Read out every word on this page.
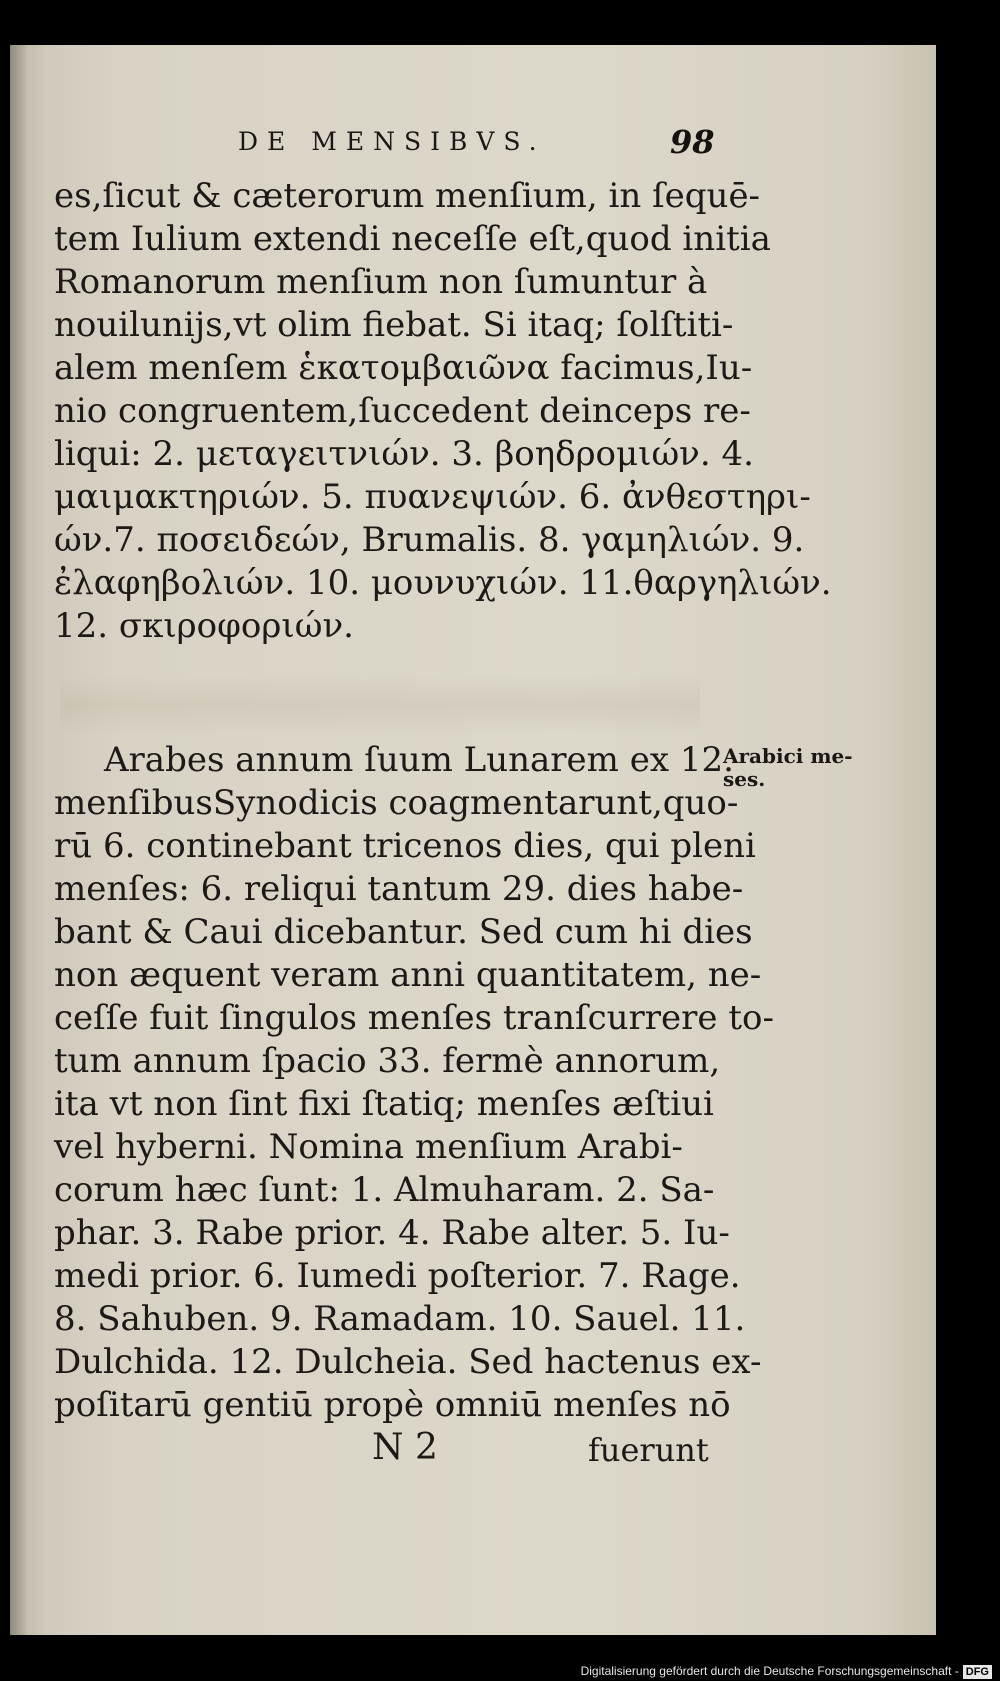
DE MENSIBVS.	98
es,ſicut & cæterorum menſium, in ſequē-
tem Iulium extendi neceſſe eſt,quod initia
Romanorum menſium non ſumuntur à
nouilunijs,vt olim fiebat. Si itaq; ſolſtiti-
alem menſem ἑκατομβαιῶνα facimus,Iu-
nio congruentem,ſuccedent deinceps re-
liqui: 2. μεταγειτνιών. 3. βοηδρομιών. 4.
μαιμακτηριών. 5. πυανεψιών. 6. ἀνθεστηρι-
ών.7. ποσειδεών, Brumalis. 8. γαμηλιών. 9.
ἐλαφηβολιών. 10. μουνυχιών. 11.θαργηλιών.
12. σκιροφοριών.
Arabes annum ſuum Lunarem ex 12.
menſibusSynodicis coagmentarunt,quo-
rū 6. continebant tricenos dies, qui pleni
menſes: 6. reliqui tantum 29. dies habe-
bant & Caui dicebantur. Sed cum hi dies
non æquent veram anni quantitatem, ne-
ceſſe fuit ſingulos menſes tranſcurrere to-
tum annum ſpacio 33. fermè annorum,
ita vt non ſint fixi ſtatiq; menſes æſtiui
vel hyberni. Nomina menſium Arabi-
corum hæc ſunt: 1. Almuharam. 2. Sa-
phar. 3. Rabe prior. 4. Rabe alter. 5. Iu-
medi prior. 6. Iumedi poſterior. 7. Rage.
8. Sahuben. 9. Ramadam. 10. Sauel. 11.
Dulchida. 12. Dulcheia. Sed hactenus ex-
poſitarū gentiū propè omniū menſes nō
Arabici me-
ses.
N 2	fuerunt
Digitalisierung gefördert durch die Deutsche Forschungsgemeinschaft - DFG
